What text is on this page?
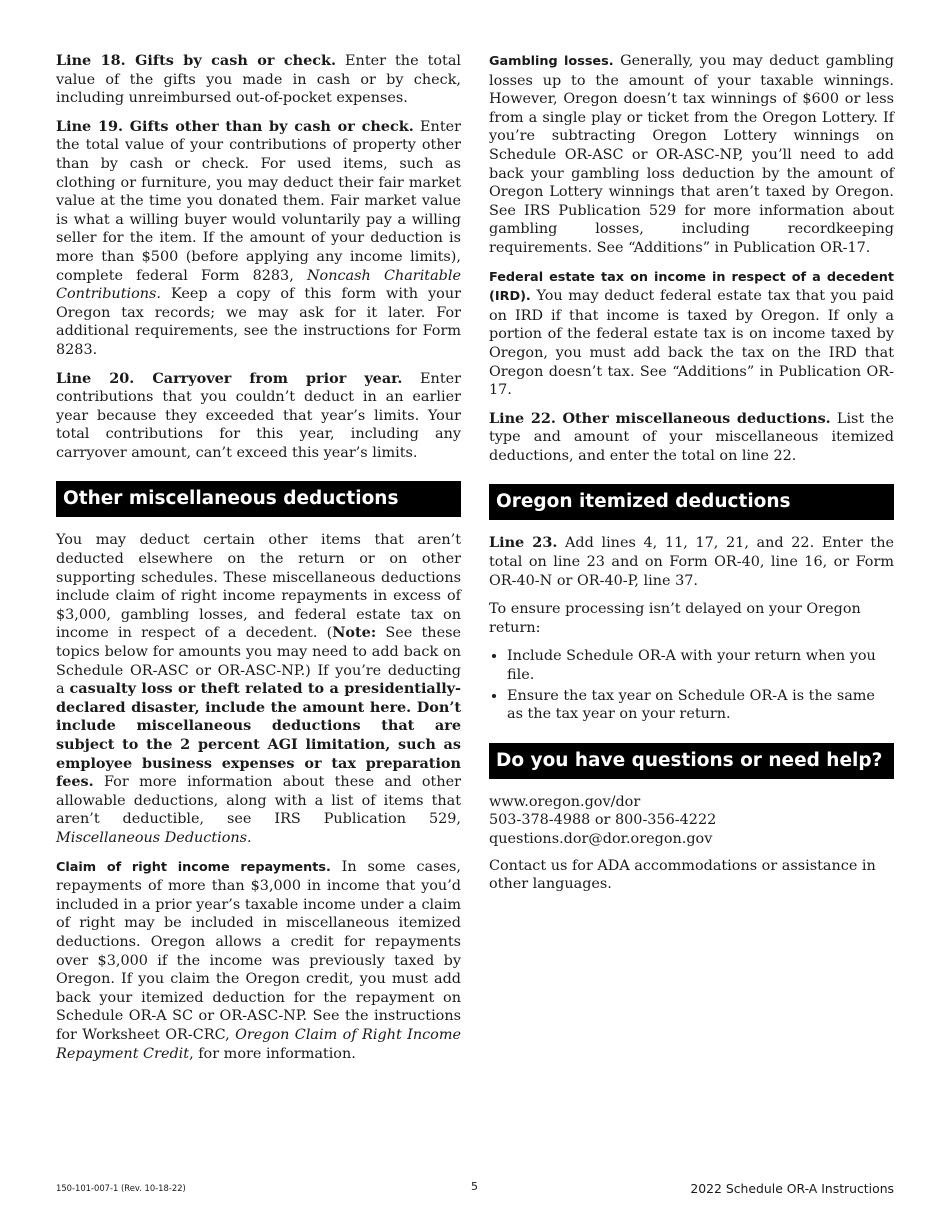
Line 18. Gifts by cash or check. Enter the total value of the gifts you made in cash or by check, including unreimbursed out-of-pocket expenses.

Line 19. Gifts other than by cash or check. Enter the total value of your contributions of property other than by cash or check. For used items, such as clothing or furniture, you may deduct their fair market value at the time you donated them. Fair market value is what a willing buyer would voluntarily pay a willing seller for the item. If the amount of your deduction is more than $500 (before applying any income limits), complete federal Form 8283, Noncash Charitable Contributions. Keep a copy of this form with your Oregon tax records; we may ask for it later. For additional requirements, see the instructions for Form 8283.

Line 20. Carryover from prior year. Enter contributions that you couldn’t deduct in an earlier year because they exceeded that year’s limits. Your total contributions for this year, including any carryover amount, can’t exceed this year’s limits.

Other miscellaneous deductions

You may deduct certain other items that aren’t deducted elsewhere on the return or on other supporting schedules. These miscellaneous deductions include claim of right income repayments in excess of $3,000, gambling losses, and federal estate tax on income in respect of a decedent. (Note: See these topics below for amounts you may need to add back on Schedule OR-ASC or OR-ASC-NP.) If you’re deducting a casualty loss or theft related to a presidentially-declared disaster, include the amount here. Don’t include miscellaneous deductions that are subject to the 2 percent AGI limitation, such as employee business expenses or tax preparation fees. For more information about these and other allowable deductions, along with a list of items that aren’t deductible, see IRS Publication 529, Miscellaneous Deductions.

Claim of right income repayments. In some cases, repayments of more than $3,000 in income that you’d included in a prior year’s taxable income under a claim of right may be included in miscellaneous itemized deductions. Oregon allows a credit for repayments over $3,000 if the income was previously taxed by Oregon. If you claim the Oregon credit, you must add back your itemized deduction for the repayment on Schedule OR-A SC or OR-ASC-NP. See the instructions for Worksheet OR-CRC, Oregon Claim of Right Income Repayment Credit, for more information.

Gambling losses. Generally, you may deduct gambling losses up to the amount of your taxable winnings. However, Oregon doesn’t tax winnings of $600 or less from a single play or ticket from the Oregon Lottery. If you’re subtracting Oregon Lottery winnings on Schedule OR-ASC or OR-ASC-NP, you’ll need to add back your gambling loss deduction by the amount of Oregon Lottery winnings that aren’t taxed by Oregon. See IRS Publication 529 for more information about gambling losses, including recordkeeping requirements. See “Additions” in Publication OR-17.

Federal estate tax on income in respect of a decedent (IRD). You may deduct federal estate tax that you paid on IRD if that income is taxed by Oregon. If only a portion of the federal estate tax is on income taxed by Oregon, you must add back the tax on the IRD that Oregon doesn’t tax. See “Additions” in Publication OR-17.

Line 22. Other miscellaneous deductions. List the type and amount of your miscellaneous itemized deductions, and enter the total on line 22.

Oregon itemized deductions

Line 23. Add lines 4, 11, 17, 21, and 22. Enter the total on line 23 and on Form OR-40, line 16, or Form OR-40-N or OR-40-P, line 37.

To ensure processing isn’t delayed on your Oregon return:

• Include Schedule OR-A with your return when you file.
• Ensure the tax year on Schedule OR-A is the same as the tax year on your return.
Do you have questions or need help?
www.oregon.gov/dor
503-378-4988 or 800-356-4222
questions.dor@dor.oregon.gov

Contact us for ADA accommodations or assistance in other languages.

150-101-007-1 (Rev. 10-18-22)	5	2022 Schedule OR-A Instructions
